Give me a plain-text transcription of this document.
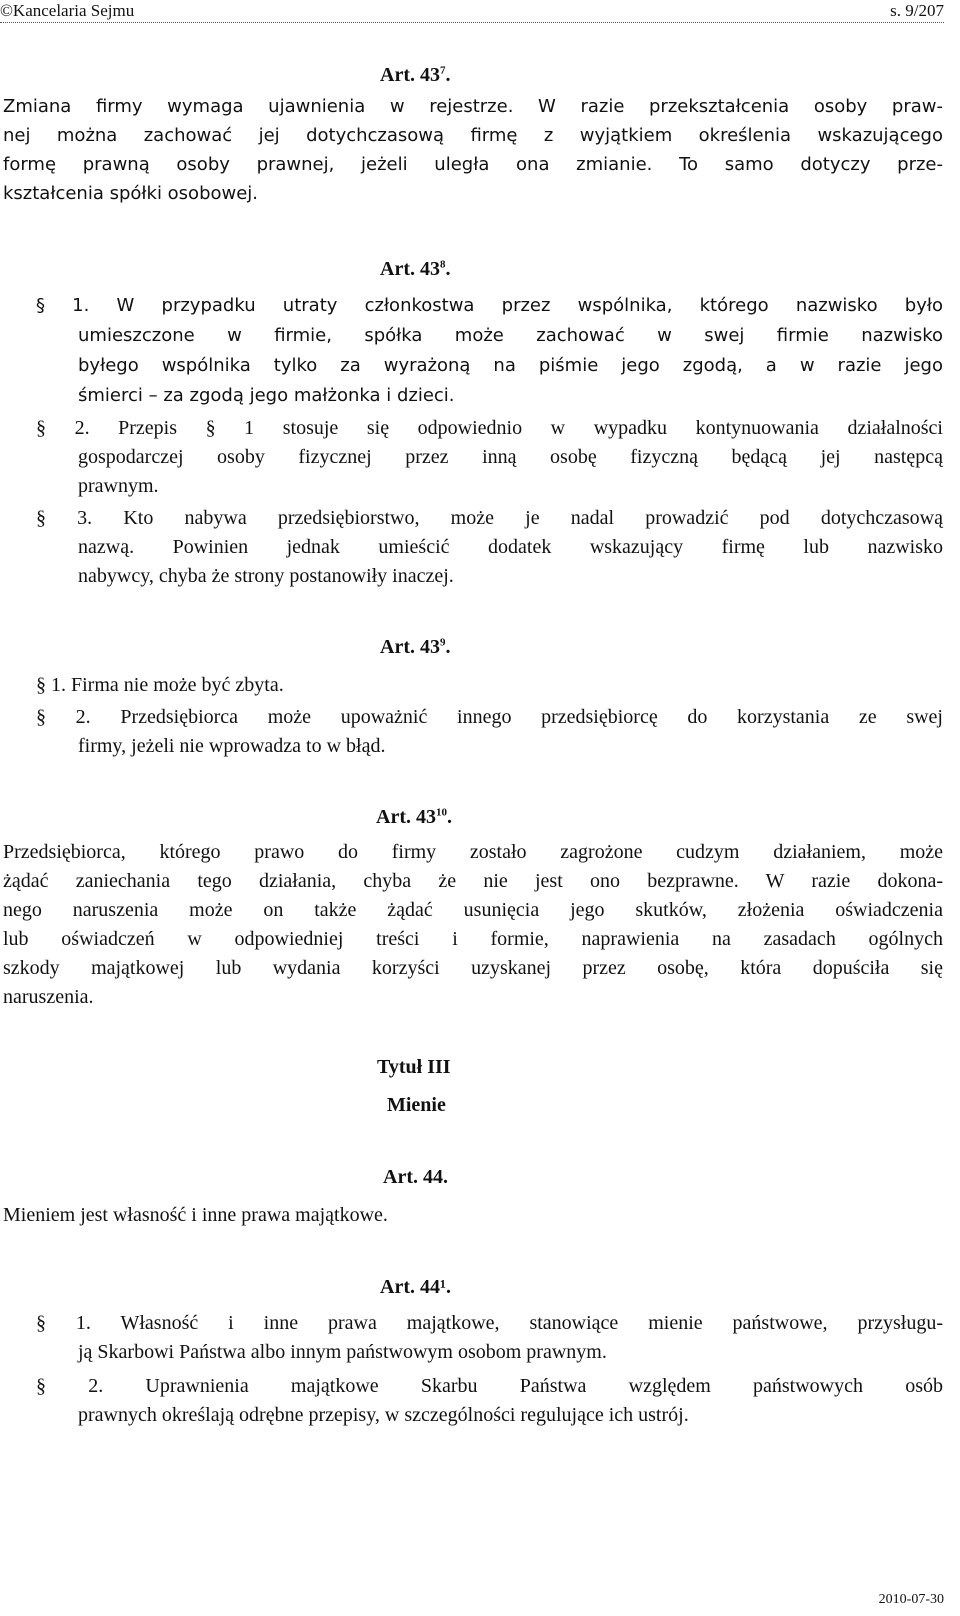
©Kancelaria Sejmu	s. 9/207
Art. $43^7$.
Zmiana firmy wymaga ujawnienia w rejestrze. W razie przekształcenia osoby praw-
nej można zachować jej dotychczasową firmę z wyjątkiem określenia wskazującego
formę prawną osoby prawnej, jeżeli uległa ona zmianie. To samo dotyczy prze-
kształcenia spółki osobowej.
Art. $43^8$.
§ 1. W przypadku utraty członkostwa przez wspólnika, którego nazwisko było
umieszczone w firmie, spółka może zachować w swej firmie nazwisko
byłego wspólnika tylko za wyrażoną na piśmie jego zgodą, a w razie jego
śmierci – za zgodą jego małżonka i dzieci.
§ 2. Przepis § 1 stosuje się odpowiednio w wypadku kontynuowania działalności
gospodarczej osoby fizycznej przez inną osobę fizyczną będącą jej następcą
prawnym.
§ 3. Kto nabywa przedsiębiorstwo, może je nadal prowadzić pod dotychczasową
nazwą. Powinien jednak umieścić dodatek wskazujący firmę lub nazwisko
nabywcy, chyba że strony postanowiły inaczej.
Art. $43^9$.
§ 1. Firma nie może być zbyta.
§ 2. Przedsiębiorca może upoważnić innego przedsiębiorcę do korzystania ze swej
firmy, jeżeli nie wprowadza to w błąd.
Art. $43^{10}$.
Przedsiębiorca, którego prawo do firmy zostało zagrożone cudzym działaniem, może
żądać zaniechania tego działania, chyba że nie jest ono bezprawne. W razie dokona-
nego naruszenia może on także żądać usunięcia jego skutków, złożenia oświadczenia
lub oświadczeń w odpowiedniej treści i formie, naprawienia na zasadach ogólnych
szkody majątkowej lub wydania korzyści uzyskanej przez osobę, która dopuściła się
naruszenia.
Tytuł III
Mienie
Art. 44.
Mieniem jest własność i inne prawa majątkowe.
Art. 44¹.
§ 1. Własność i inne prawa majątkowe, stanowiące mienie państwowe, przysługu-
ją Skarbowi Państwa albo innym państwowym osobom prawnym.
§ 2. Uprawnienia majątkowe Skarbu Państwa względem państwowych osób
prawnych określają odrębne przepisy, w szczególności regulujące ich ustrój.
2010-07-30
